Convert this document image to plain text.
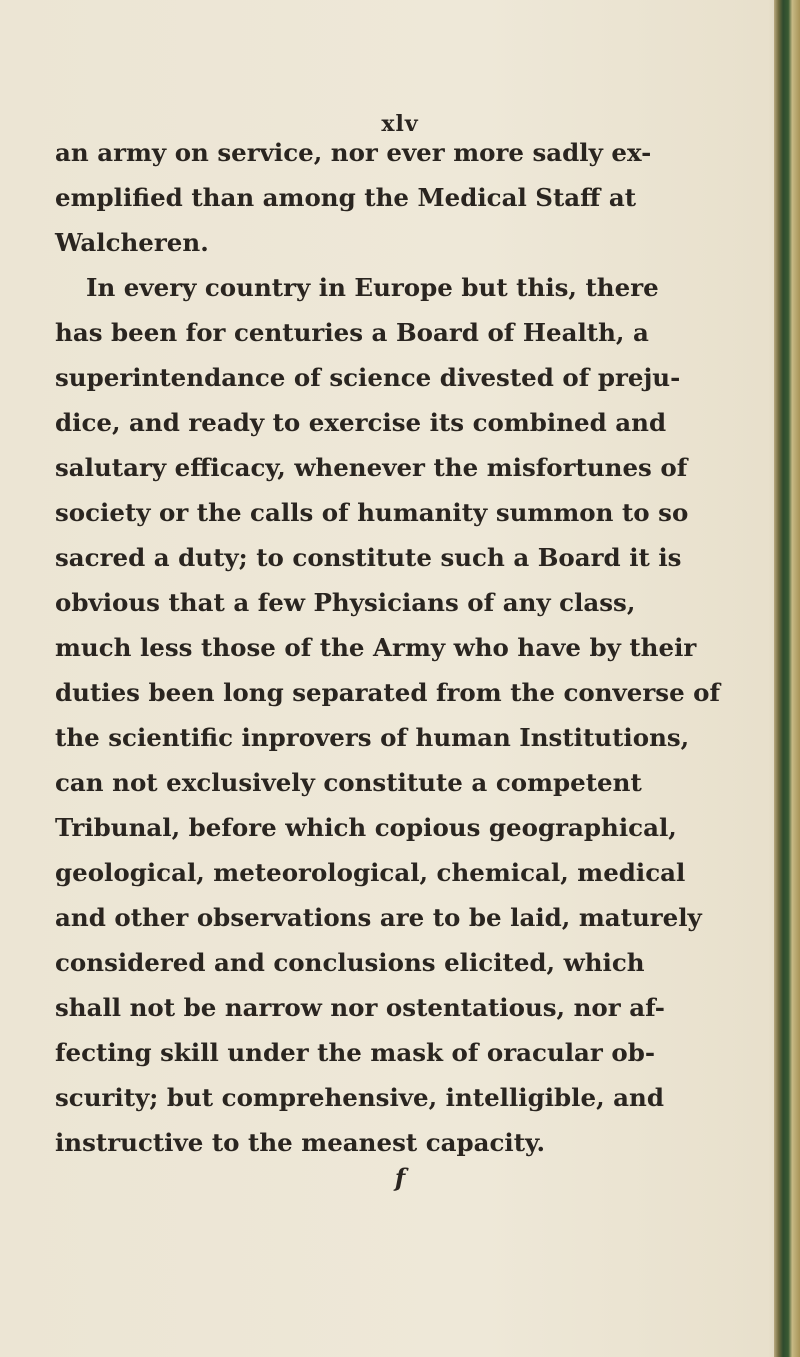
xlv
an army on service, nor ever more sadly ex-
emplified than among the Medical Staff at
Walcheren.
In every country in Europe but this, there
has been for centuries a Board of Health, a
superintendance of science divested of preju-
dice, and ready to exercise its combined and
salutary efficacy, whenever the misfortunes of
society or the calls of humanity summon to so
sacred a duty; to constitute such a Board it is
obvious that a few Physicians of any class,
much less those of the Army who have by their
duties been long separated from the converse of
the scientific inprovers of human Institutions,
can not exclusively constitute a competent
Tribunal, before which copious geographical,
geological, meteorological, chemical, medical
and other observations are to be laid, maturely
considered and conclusions elicited, which
shall not be narrow nor ostentatious, nor af-
fecting skill under the mask of oracular ob-
scurity; but comprehensive, intelligible, and
instructive to the meanest capacity.
f
